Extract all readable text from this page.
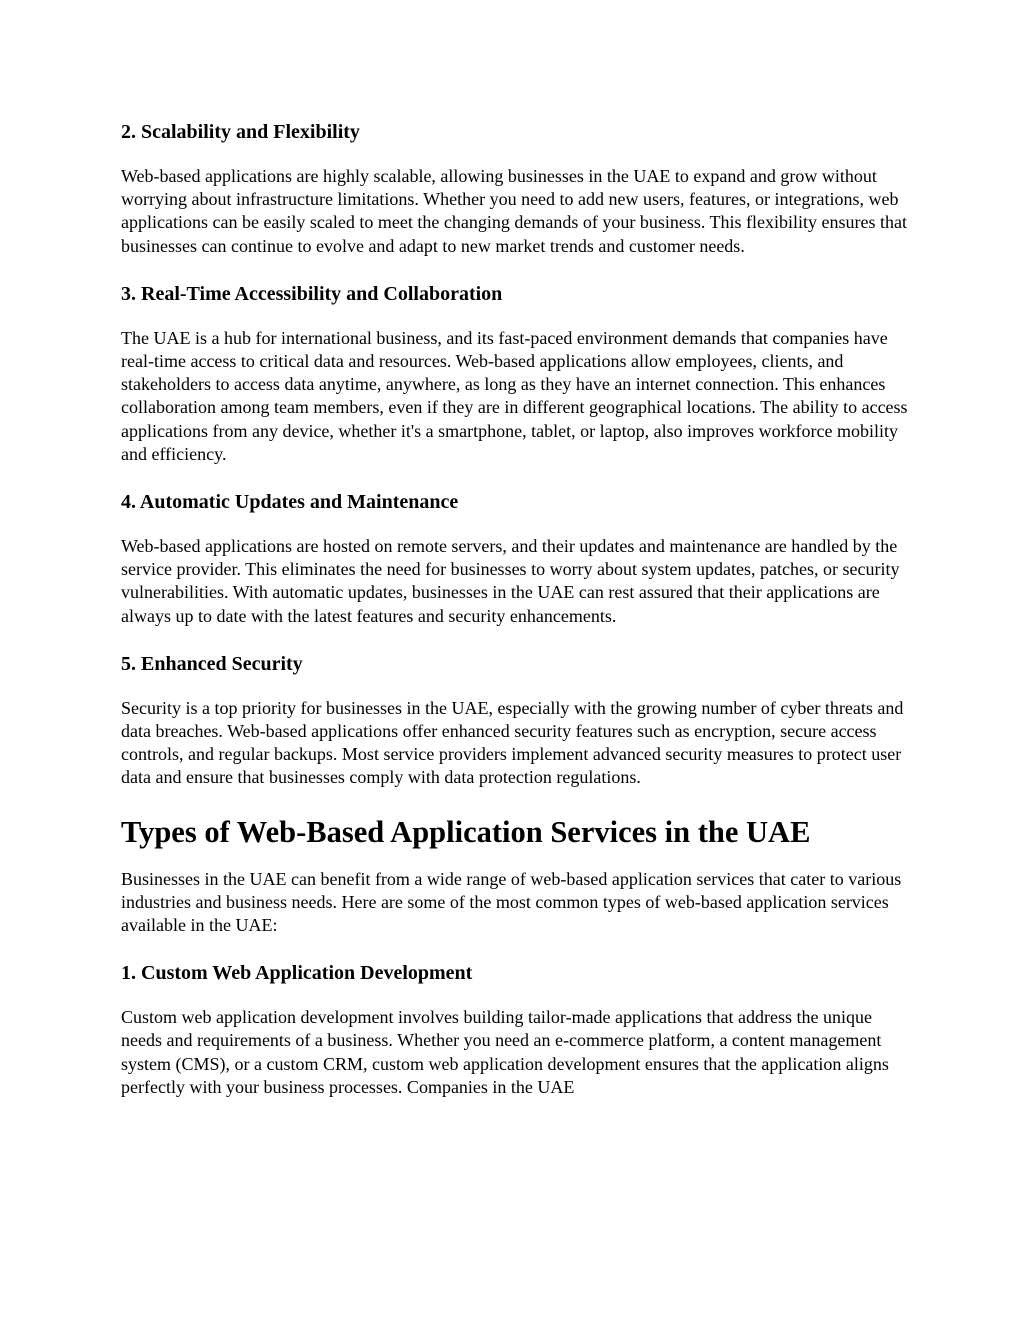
2. Scalability and Flexibility

Web-based applications are highly scalable, allowing businesses in the UAE to expand and grow without worrying about infrastructure limitations. Whether you need to add new users, features, or integrations, web applications can be easily scaled to meet the changing demands of your business. This flexibility ensures that businesses can continue to evolve and adapt to new market trends and customer needs.

3. Real-Time Accessibility and Collaboration

The UAE is a hub for international business, and its fast-paced environment demands that companies have real-time access to critical data and resources. Web-based applications allow employees, clients, and stakeholders to access data anytime, anywhere, as long as they have an internet connection. This enhances collaboration among team members, even if they are in different geographical locations. The ability to access applications from any device, whether it's a smartphone, tablet, or laptop, also improves workforce mobility and efficiency.

4. Automatic Updates and Maintenance

Web-based applications are hosted on remote servers, and their updates and maintenance are handled by the service provider. This eliminates the need for businesses to worry about system updates, patches, or security vulnerabilities. With automatic updates, businesses in the UAE can rest assured that their applications are always up to date with the latest features and security enhancements.

5. Enhanced Security

Security is a top priority for businesses in the UAE, especially with the growing number of cyber threats and data breaches. Web-based applications offer enhanced security features such as encryption, secure access controls, and regular backups. Most service providers implement advanced security measures to protect user data and ensure that businesses comply with data protection regulations.

Types of Web-Based Application Services in the UAE

Businesses in the UAE can benefit from a wide range of web-based application services that cater to various industries and business needs. Here are some of the most common types of web-based application services available in the UAE:

1. Custom Web Application Development

Custom web application development involves building tailor-made applications that address the unique needs and requirements of a business. Whether you need an e-commerce platform, a content management system (CMS), or a custom CRM, custom web application development ensures that the application aligns perfectly with your business processes. Companies in the UAE
